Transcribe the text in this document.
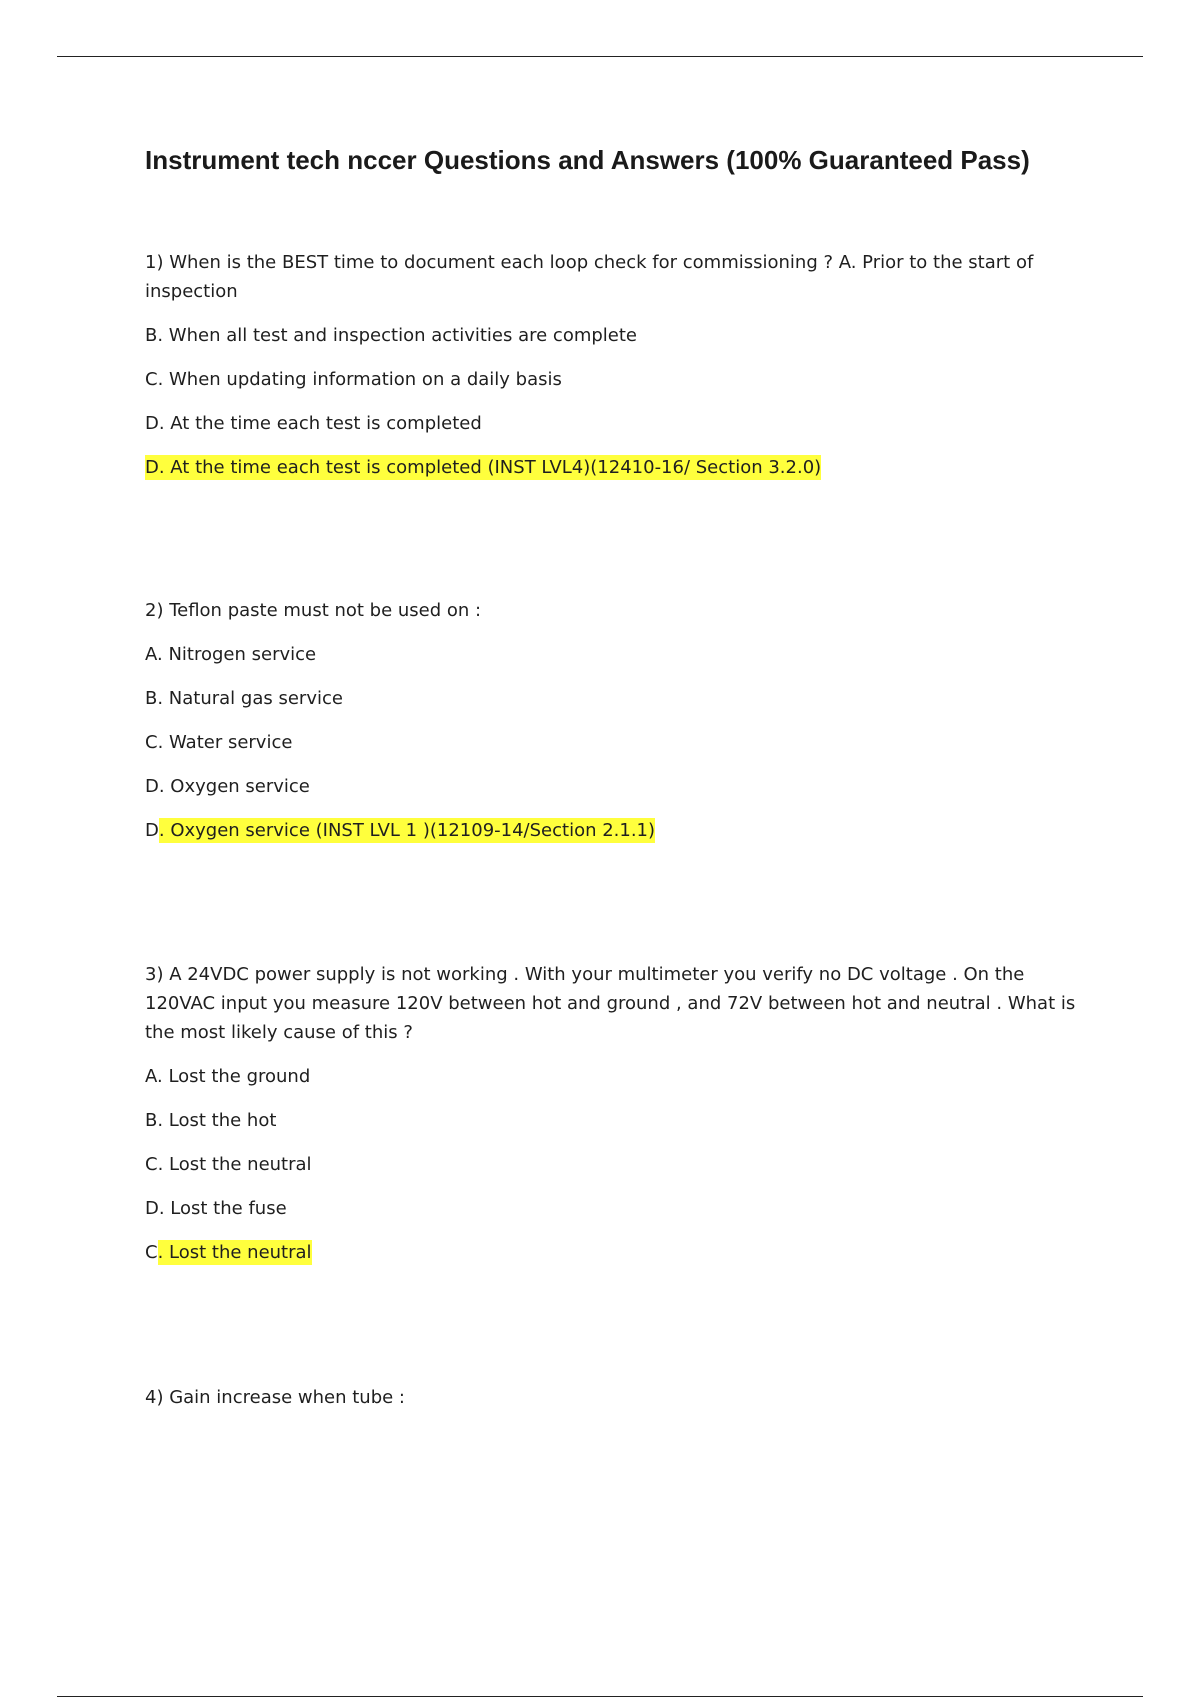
Instrument tech nccer Questions and Answers (100% Guaranteed Pass)

1) When is the BEST time to document each loop check for commissioning ? A. Prior to the start of inspection

B. When all test and inspection activities are complete

C. When updating information on a daily basis

D. At the time each test is completed

D. At the time each test is completed (INST LVL4)(12410-16/ Section 3.2.0)

2) Teflon paste must not be used on :

A. Nitrogen service

B. Natural gas service

C. Water service

D. Oxygen service

D. Oxygen service (INST LVL 1 )(12109-14/Section 2.1.1)

3) A 24VDC power supply is not working . With your multimeter you verify no DC voltage . On the 120VAC input you measure 120V between hot and ground , and 72V between hot and neutral . What is the most likely cause of this ?

A. Lost the ground

B. Lost the hot

C. Lost the neutral

D. Lost the fuse

C. Lost the neutral

4) Gain increase when tube :
